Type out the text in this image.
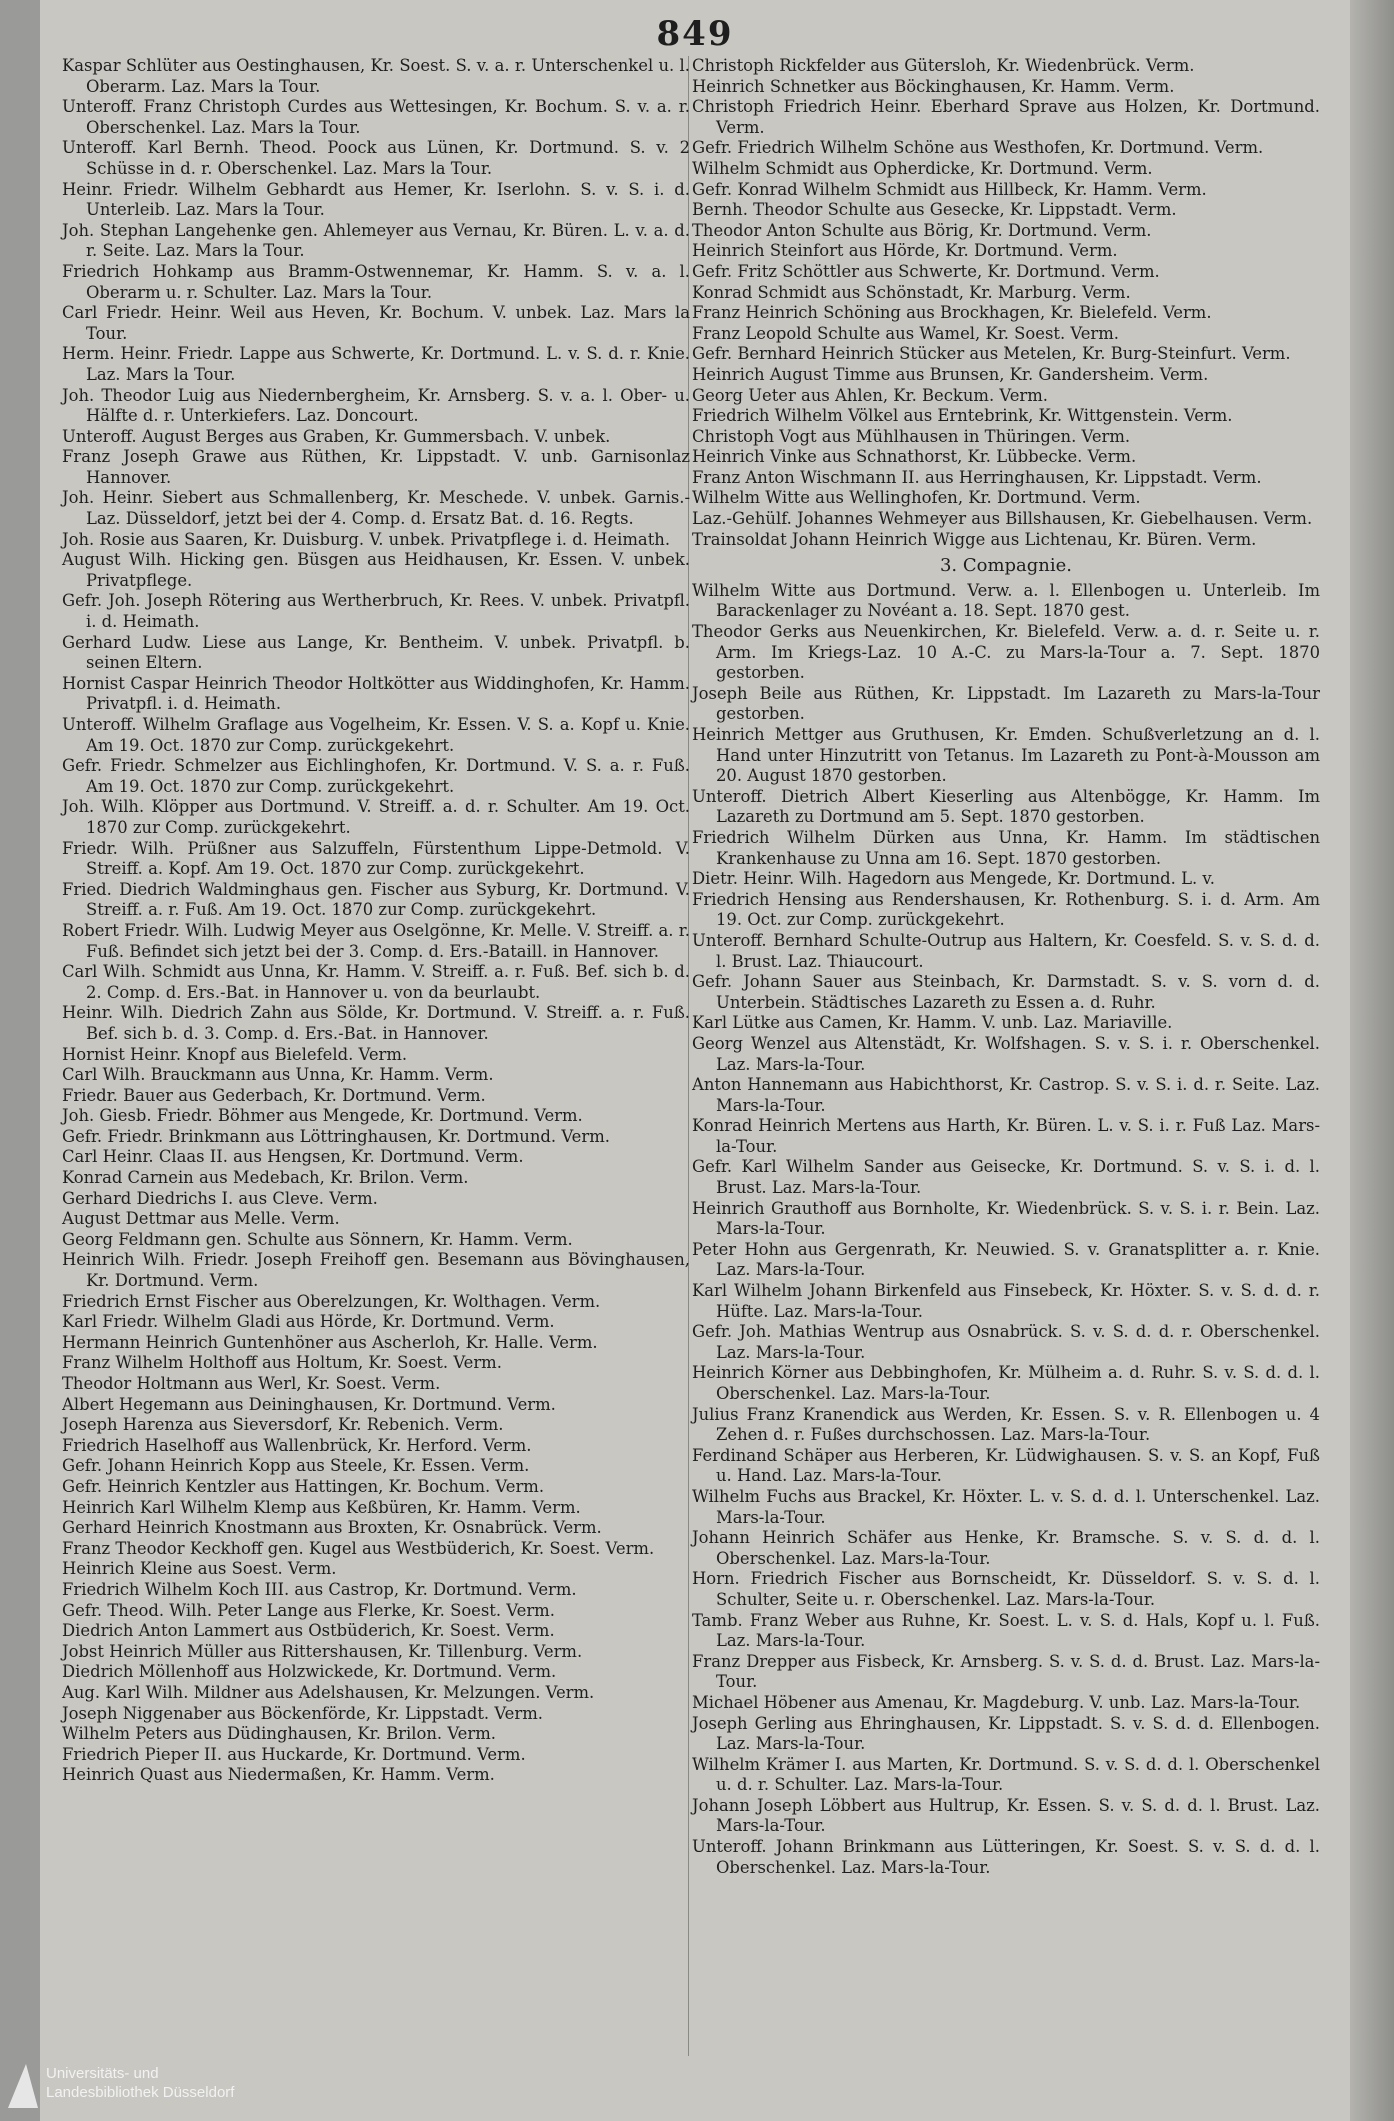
849

Kaspar Schlüter aus Oestinghausen, Kr. Soest. S. v. a. r. Unterschenkel u. l. Oberarm. Laz. Mars la Tour.

Unteroff. Franz Christoph Curdes aus Wettesingen, Kr. Bochum. S. v. a. r. Oberschenkel. Laz. Mars la Tour.

Unteroff. Karl Bernh. Theod. Poock aus Lünen, Kr. Dortmund. S. v. 2 Schüsse in d. r. Oberschenkel. Laz. Mars la Tour.

Heinr. Friedr. Wilhelm Gebhardt aus Hemer, Kr. Iserlohn. S. v. S. i. d. Unterleib. Laz. Mars la Tour.

Joh. Stephan Langehenke gen. Ahlemeyer aus Vernau, Kr. Büren. L. v. a. d. r. Seite. Laz. Mars la Tour.

Friedrich Hohkamp aus Bramm-Ostwennemar, Kr. Hamm. S. v. a. l. Oberarm u. r. Schulter. Laz. Mars la Tour.

Carl Friedr. Heinr. Weil aus Heven, Kr. Bochum. V. unbek. Laz. Mars la Tour.

Herm. Heinr. Friedr. Lappe aus Schwerte, Kr. Dortmund. L. v. S. d. r. Knie. Laz. Mars la Tour.

Joh. Theodor Luig aus Niedernbergheim, Kr. Arnsberg. S. v. a. l. Ober- u. Hälfte d. r. Unterkiefers. Laz. Doncourt.

Unteroff. August Berges aus Graben, Kr. Gummersbach. V. unbek.

Franz Joseph Grawe aus Rüthen, Kr. Lippstadt. V. unb. Garnisonlaz Hannover.

Joh. Heinr. Siebert aus Schmallenberg, Kr. Meschede. V. unbek. Garnis.-Laz. Düsseldorf, jetzt bei der 4. Comp. d. Ersatz Bat. d. 16. Regts.

Joh. Rosie aus Saaren, Kr. Duisburg. V. unbek. Privatpflege i. d. Heimath.

August Wilh. Hicking gen. Büsgen aus Heidhausen, Kr. Essen. V. unbek. Privatpflege.

Gefr. Joh. Joseph Rötering aus Wertherbruch, Kr. Rees. V. unbek. Privatpfl. i. d. Heimath.

Gerhard Ludw. Liese aus Lange, Kr. Bentheim. V. unbek. Privatpfl. b. seinen Eltern.

Hornist Caspar Heinrich Theodor Holtkötter aus Widdinghofen, Kr. Hamm. Privatpfl. i. d. Heimath.

Unteroff. Wilhelm Graflage aus Vogelheim, Kr. Essen. V. S. a. Kopf u. Knie. Am 19. Oct. 1870 zur Comp. zurückgekehrt.

Gefr. Friedr. Schmelzer aus Eichlinghofen, Kr. Dortmund. V. S. a. r. Fuß. Am 19. Oct. 1870 zur Comp. zurückgekehrt.

Joh. Wilh. Klöpper aus Dortmund. V. Streiff. a. d. r. Schulter. Am 19. Oct. 1870 zur Comp. zurückgekehrt.

Friedr. Wilh. Prüßner aus Salzuffeln, Fürstenthum Lippe-Detmold. V. Streiff. a. Kopf. Am 19. Oct. 1870 zur Comp. zurückgekehrt.

Fried. Diedrich Waldminghaus gen. Fischer aus Syburg, Kr. Dortmund. V. Streiff. a. r. Fuß. Am 19. Oct. 1870 zur Comp. zurückgekehrt.

Robert Friedr. Wilh. Ludwig Meyer aus Oselgönne, Kr. Melle. V. Streiff. a. r. Fuß. Befindet sich jetzt bei der 3. Comp. d. Ers.-Bataill. in Hannover.

Carl Wilh. Schmidt aus Unna, Kr. Hamm. V. Streiff. a. r. Fuß. Bef. sich b. d. 2. Comp. d. Ers.-Bat. in Hannover u. von da beurlaubt.

Heinr. Wilh. Diedrich Zahn aus Sölde, Kr. Dortmund. V. Streiff. a. r. Fuß. Bef. sich b. d. 3. Comp. d. Ers.-Bat. in Hannover.

Hornist Heinr. Knopf aus Bielefeld. Verm.

Carl Wilh. Brauckmann aus Unna, Kr. Hamm. Verm.

Friedr. Bauer aus Gederbach, Kr. Dortmund. Verm.

Joh. Giesb. Friedr. Böhmer aus Mengede, Kr. Dortmund. Verm.

Gefr. Friedr. Brinkmann aus Löttringhausen, Kr. Dortmund. Verm.

Carl Heinr. Claas II. aus Hengsen, Kr. Dortmund. Verm.

Konrad Carnein aus Medebach, Kr. Brilon. Verm.

Gerhard Diedrichs I. aus Cleve. Verm.

August Dettmar aus Melle. Verm.

Georg Feldmann gen. Schulte aus Sönnern, Kr. Hamm. Verm.

Heinrich Wilh. Friedr. Joseph Freihoff gen. Besemann aus Bövinghausen, Kr. Dortmund. Verm.

Friedrich Ernst Fischer aus Oberelzungen, Kr. Wolthagen. Verm.

Karl Friedr. Wilhelm Gladi aus Hörde, Kr. Dortmund. Verm.

Hermann Heinrich Guntenhöner aus Ascherloh, Kr. Halle. Verm.

Franz Wilhelm Holthoff aus Holtum, Kr. Soest. Verm.

Theodor Holtmann aus Werl, Kr. Soest. Verm.

Albert Hegemann aus Deininghausen, Kr. Dortmund. Verm.

Joseph Harenza aus Sieversdorf, Kr. Rebenich. Verm.

Friedrich Haselhoff aus Wallenbrück, Kr. Herford. Verm.

Gefr. Johann Heinrich Kopp aus Steele, Kr. Essen. Verm.

Gefr. Heinrich Kentzler aus Hattingen, Kr. Bochum. Verm.

Heinrich Karl Wilhelm Klemp aus Keßbüren, Kr. Hamm. Verm.

Gerhard Heinrich Knostmann aus Broxten, Kr. Osnabrück. Verm.

Franz Theodor Keckhoff gen. Kugel aus Westbüderich, Kr. Soest. Verm.

Heinrich Kleine aus Soest. Verm.

Friedrich Wilhelm Koch III. aus Castrop, Kr. Dortmund. Verm.

Gefr. Theod. Wilh. Peter Lange aus Flerke, Kr. Soest. Verm.

Diedrich Anton Lammert aus Ostbüderich, Kr. Soest. Verm.

Jobst Heinrich Müller aus Rittershausen, Kr. Tillenburg. Verm.

Diedrich Möllenhoff aus Holzwickede, Kr. Dortmund. Verm.

Aug. Karl Wilh. Mildner aus Adelshausen, Kr. Melzungen. Verm.

Joseph Niggenaber aus Böckenförde, Kr. Lippstadt. Verm.

Wilhelm Peters aus Düdinghausen, Kr. Brilon. Verm.

Friedrich Pieper II. aus Huckarde, Kr. Dortmund. Verm.

Heinrich Quast aus Niedermaßen, Kr. Hamm. Verm.

Christoph Rickfelder aus Gütersloh, Kr. Wiedenbrück. Verm.

Heinrich Schnetker aus Böckinghausen, Kr. Hamm. Verm.

Christoph Friedrich Heinr. Eberhard Sprave aus Holzen, Kr. Dortmund. Verm.

Gefr. Friedrich Wilhelm Schöne aus Westhofen, Kr. Dortmund. Verm.

Wilhelm Schmidt aus Opherdicke, Kr. Dortmund. Verm.

Gefr. Konrad Wilhelm Schmidt aus Hillbeck, Kr. Hamm. Verm.

Bernh. Theodor Schulte aus Gesecke, Kr. Lippstadt. Verm.

Theodor Anton Schulte aus Börig, Kr. Dortmund. Verm.

Heinrich Steinfort aus Hörde, Kr. Dortmund. Verm.

Gefr. Fritz Schöttler aus Schwerte, Kr. Dortmund. Verm.

Konrad Schmidt aus Schönstadt, Kr. Marburg. Verm.

Franz Heinrich Schöning aus Brockhagen, Kr. Bielefeld. Verm.

Franz Leopold Schulte aus Wamel, Kr. Soest. Verm.

Gefr. Bernhard Heinrich Stücker aus Metelen, Kr. Burg-Steinfurt. Verm.

Heinrich August Timme aus Brunsen, Kr. Gandersheim. Verm.

Georg Ueter aus Ahlen, Kr. Beckum. Verm.

Friedrich Wilhelm Völkel aus Erntebrink, Kr. Wittgenstein. Verm.

Christoph Vogt aus Mühlhausen in Thüringen. Verm.

Heinrich Vinke aus Schnathorst, Kr. Lübbecke. Verm.

Franz Anton Wischmann II. aus Herringhausen, Kr. Lippstadt. Verm.

Wilhelm Witte aus Wellinghofen, Kr. Dortmund. Verm.

Laz.-Gehülf. Johannes Wehmeyer aus Billshausen, Kr. Giebelhausen. Verm.

Trainsoldat Johann Heinrich Wigge aus Lichtenau, Kr. Büren. Verm.

3. Compagnie.

Wilhelm Witte aus Dortmund. Verw. a. l. Ellenbogen u. Unterleib. Im Barackenlager zu Novéant a. 18. Sept. 1870 gest.

Theodor Gerks aus Neuenkirchen, Kr. Bielefeld. Verw. a. d. r. Seite u. r. Arm. Im Kriegs-Laz. 10 A.-C. zu Mars-la-Tour a. 7. Sept. 1870 gestorben.

Joseph Beile aus Rüthen, Kr. Lippstadt. Im Lazareth zu Mars-la-Tour gestorben.

Heinrich Mettger aus Gruthusen, Kr. Emden. Schußverletzung an d. l. Hand unter Hinzutritt von Tetanus. Im Lazareth zu Pont-à-Mousson am 20. August 1870 gestorben.

Unteroff. Dietrich Albert Kieserling aus Altenbögge, Kr. Hamm. Im Lazareth zu Dortmund am 5. Sept. 1870 gestorben.

Friedrich Wilhelm Dürken aus Unna, Kr. Hamm. Im städtischen Krankenhause zu Unna am 16. Sept. 1870 gestorben.

Dietr. Heinr. Wilh. Hagedorn aus Mengede, Kr. Dortmund. L. v.

Friedrich Hensing aus Rendershausen, Kr. Rothenburg. S. i. d. Arm. Am 19. Oct. zur Comp. zurückgekehrt.

Unteroff. Bernhard Schulte-Outrup aus Haltern, Kr. Coesfeld. S. v. S. d. d. l. Brust. Laz. Thiaucourt.

Gefr. Johann Sauer aus Steinbach, Kr. Darmstadt. S. v. S. vorn d. d. Unterbein. Städtisches Lazareth zu Essen a. d. Ruhr.

Karl Lütke aus Camen, Kr. Hamm. V. unb. Laz. Mariaville.

Georg Wenzel aus Altenstädt, Kr. Wolfshagen. S. v. S. i. r. Oberschenkel. Laz. Mars-la-Tour.

Anton Hannemann aus Habichthorst, Kr. Castrop. S. v. S. i. d. r. Seite. Laz. Mars-la-Tour.

Konrad Heinrich Mertens aus Harth, Kr. Büren. L. v. S. i. r. Fuß Laz. Mars-la-Tour.

Gefr. Karl Wilhelm Sander aus Geisecke, Kr. Dortmund. S. v. S. i. d. l. Brust. Laz. Mars-la-Tour.

Heinrich Grauthoff aus Bornholte, Kr. Wiedenbrück. S. v. S. i. r. Bein. Laz. Mars-la-Tour.

Peter Hohn aus Gergenrath, Kr. Neuwied. S. v. Granatsplitter a. r. Knie. Laz. Mars-la-Tour.

Karl Wilhelm Johann Birkenfeld aus Finsebeck, Kr. Höxter. S. v. S. d. d. r. Hüfte. Laz. Mars-la-Tour.

Gefr. Joh. Mathias Wentrup aus Osnabrück. S. v. S. d. d. r. Oberschenkel. Laz. Mars-la-Tour.

Heinrich Körner aus Debbinghofen, Kr. Mülheim a. d. Ruhr. S. v. S. d. d. l. Oberschenkel. Laz. Mars-la-Tour.

Julius Franz Kranendick aus Werden, Kr. Essen. S. v. R. Ellenbogen u. 4 Zehen d. r. Fußes durchschossen. Laz. Mars-la-Tour.

Ferdinand Schäper aus Herberen, Kr. Lüdwighausen. S. v. S. an Kopf, Fuß u. Hand. Laz. Mars-la-Tour.

Wilhelm Fuchs aus Brackel, Kr. Höxter. L. v. S. d. d. l. Unterschenkel. Laz. Mars-la-Tour.

Johann Heinrich Schäfer aus Henke, Kr. Bramsche. S. v. S. d. d. l. Oberschenkel. Laz. Mars-la-Tour.

Horn. Friedrich Fischer aus Bornscheidt, Kr. Düsseldorf. S. v. S. d. l. Schulter, Seite u. r. Oberschenkel. Laz. Mars-la-Tour.

Tamb. Franz Weber aus Ruhne, Kr. Soest. L. v. S. d. Hals, Kopf u. l. Fuß. Laz. Mars-la-Tour.

Franz Drepper aus Fisbeck, Kr. Arnsberg. S. v. S. d. d. Brust. Laz. Mars-la-Tour.

Michael Höbener aus Amenau, Kr. Magdeburg. V. unb. Laz. Mars-la-Tour.

Joseph Gerling aus Ehringhausen, Kr. Lippstadt. S. v. S. d. d. Ellenbogen. Laz. Mars-la-Tour.

Wilhelm Krämer I. aus Marten, Kr. Dortmund. S. v. S. d. d. l. Oberschenkel u. d. r. Schulter. Laz. Mars-la-Tour.

Johann Joseph Löbbert aus Hultrup, Kr. Essen. S. v. S. d. d. l. Brust. Laz. Mars-la-Tour.

Unteroff. Johann Brinkmann aus Lütteringen, Kr. Soest. S. v. S. d. d. l. Oberschenkel. Laz. Mars-la-Tour.

Universitäts- und
Landesbibliothek Düsseldorf
